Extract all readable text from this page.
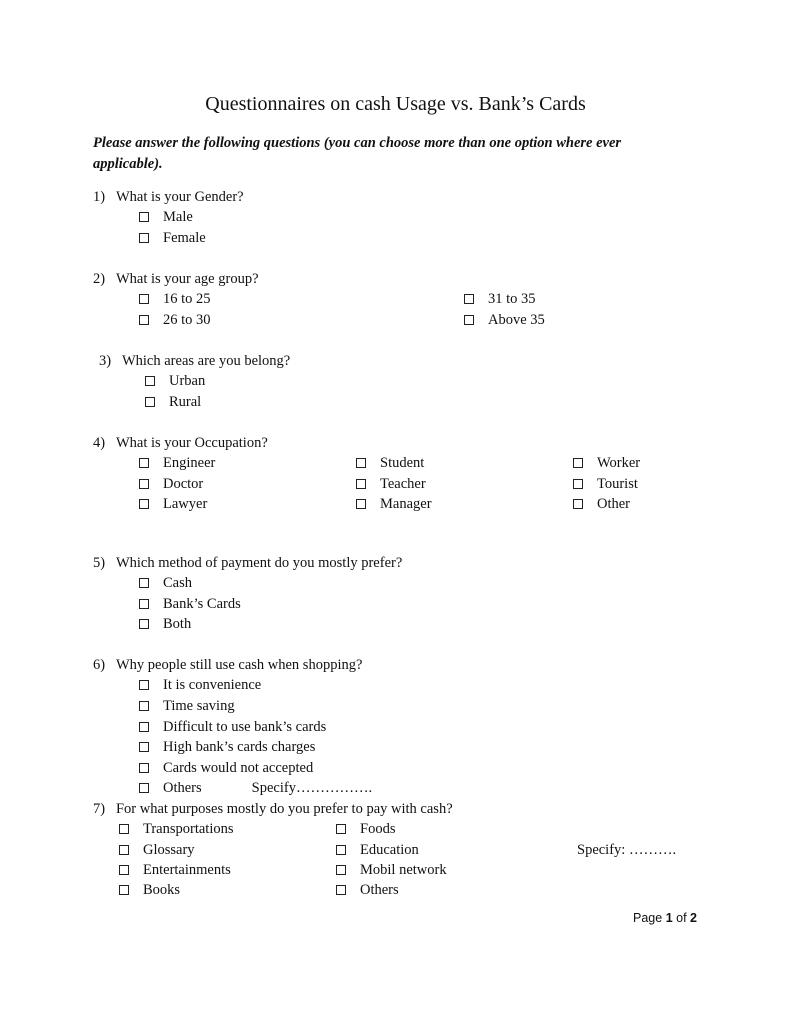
Questionnaires on cash Usage vs. Bank’s Cards
Please answer the following questions (you can choose more than one option where ever applicable).
1) What is your Gender?
Male
Female
2) What is your age group?
16 to 25
26 to 30
31 to 35
Above 35
3) Which areas are you belong?
Urban
Rural
4) What is your Occupation?
Engineer
Doctor
Lawyer
Student
Teacher
Manager
Worker
Tourist
Other
5) Which method of payment do you mostly prefer?
Cash
Bank’s Cards
Both
6) Why people still use cash when shopping?
It is convenience
Time saving
Difficult to use bank’s cards
High bank’s cards charges
Cards would not accepted
Others	Specify…………….
7) For what purposes mostly do you prefer to pay with cash?
Transportations
Glossary
Entertainments
Books
Foods
Education
Mobil network
Others
Specify: ……….
Page 1 of 2
